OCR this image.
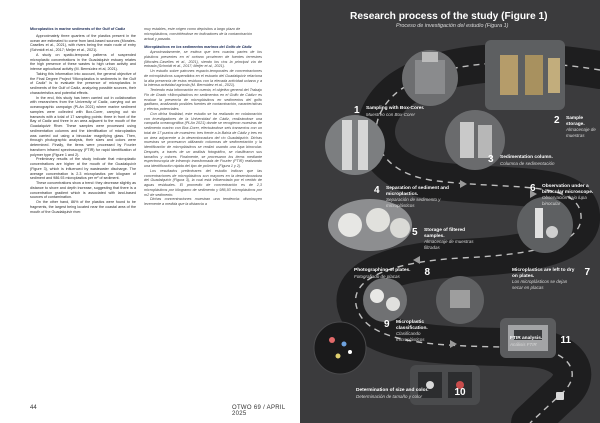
Microplastics in marine sediments of the Gulf of Cadiz

Approximately three quarters of the plastics present in the ocean are estimated to come from land-based sources (Morales-Caselles et al., 2021), with rivers being the main route of entry (Schmidt et al., 2017; Meijer et al., 2021).

A study on spatio-temporal patterns of suspended microplastic concentrations in the Guadalquivir estuary relates the high presence of these wastes to high urban activity and intense agricultural activity (M. Bermúdez et al, 2021).

Taking this information into account, the general objective of the Final Degree Project “Microplastics in sediments in the Gulf of Cadiz” is to evaluate the presence of microplastics in sediments of the Gulf of Cadiz, analyzing possible sources, their characteristics and potential effects.

In the end, this study has been carried out in collaboration with researchers from the University of Cadiz, carrying out an oceanographic campaign (PLAn 2021) where marine sediment samples were collected with Box-Corer, carrying out six transects with a total of 17 sampling points: three in front of the Bay of Cadiz and three in an area adjacent to the mouth of the Guadalquivir River. These samples were processed using sedimentation columns and the identification of microplastics was carried out using a binocular magnifying glass. Then, through photographic analysis, their sizes and colors were determined. Finally, the items were processed by Fourier transform infrared spectroscopy (FTIR) for rapid identification of polymer type (Figure 1 and 2).

Preliminary results of the study indicate that microplastic concentrations are higher at the mouth of the Guadalquivir (Figure 3), which is influenced by wastewater discharge. The average concentration is 2.3 microplastics per kilogram of sediment and 986.93 microplastics per m² of sediment.

These concentrations show a trend: they decrease slightly as distance to shore and depth increase, suggesting that there is a concentration gradient which is associated with land-based sources of contamination.

On the other hand, 86% of the plastics were found to be fragments, the largest being located near the coastal area of the mouth of the Guadalquivir river.

muy estables, este origen como depósitos a largo plazo de microplásticos, convirtiéndose en indicadores de la contaminación actual y pasada.

Microplásticos en los sedimentos marinos del Golfo de Cádiz

Aproximadamente, se estima que tres cuartas partes de los plásticos presentes en el océano provienen de fuentes terrestres (Morales-Caselles et al., 2021), siendo los ríos la principal vía de entrada (Schmidt et al., 2017; Meijer et al., 2021).

Un estudio sobre patrones espacio-temporales de concentraciones de microplásticos suspendidos en el estuario del Guadalquivir relaciona la alta presencia de estos residuos con la elevada actividad urbana y a la intensa actividad agrícola (M. Bermúdez et al., 2021).

Teniendo esta información en cuenta, el objetivo general del Trabajo Fin de Grado «Microplásticos en sedimentos en el Golfo de Cádiz» es evaluar la presencia de microplásticos en sedimentos del golfo gaditano, analizando posibles fuentes de contaminación, características y efectos potenciales.

Con dicha finalidad, este estudio se ha realizado en colaboración con investigadores de la Universidad de Cádiz, realizándose una campaña oceanográfica (PLAn 2021) donde se recogieron muestras de sedimento marino con Box-Corer, efectuándose seis transectos con un total de 17 puntos de muestreo: tres frente a la Bahía de Cádiz y tres en un área adyacente a la desembocadura del río Guadalquivir. Dichas muestras se procesaron utilizando columnas de sedimentación y la identificación de microplásticos se realizó usando una lupa binocular. Después, a través de un análisis fotográfico, se clasificaron sus tamaños y colores. Finalmente, se procesaron los ítems mediante espectroscopía de infrarrojo transformada de Fourier (FTIR) realizando una identificación rápida del tipo de polímero (Figura 1 y 2).

Los resultados preliminares del estudio indican que las concentraciones de microplásticos son mayores en la desembocadura del Guadalquivir (Figura 3), la cual está influenciada por el vertido de aguas residuales. El promedio de concentración es de 2,3 microplásticos por kilogramo de sedimento y 986,93 microplásticos por m2 de sedimento.

Dichas concentraciones muestran una tendencia: disminuyen levemente a medida que la distancia a

44	OTWO 69 / APRIL 2025
Research process of the study (Figure 1)
Proceso de investigación del estudio (Figura 1)
1 Sampling with Box-Corer.
Muestreo con Box-Corer
2 Sample storage.
Almacenaje de muestras
3 Sedimentation column.
Columna de sedimentación
4 Separation of sediment and microplastics.
Separación de sedimento y microplásticos
5 Storage of filtered samples.
Almacenaje de muestras filtradas
6 Observation under a binocular microscope.
Observación bajo lupa binocular
Microplastics are left to dry on plates.
Los microplásticos se dejan secar en placas
7
Photographing of plates.
Fotografiado de placas	8
9 Microplastic classification.
Clasificando microplásticos
Determination of size and color.
Determinación de tamaño y color	10
FTIR analysis.
Análisis FTIR	11
